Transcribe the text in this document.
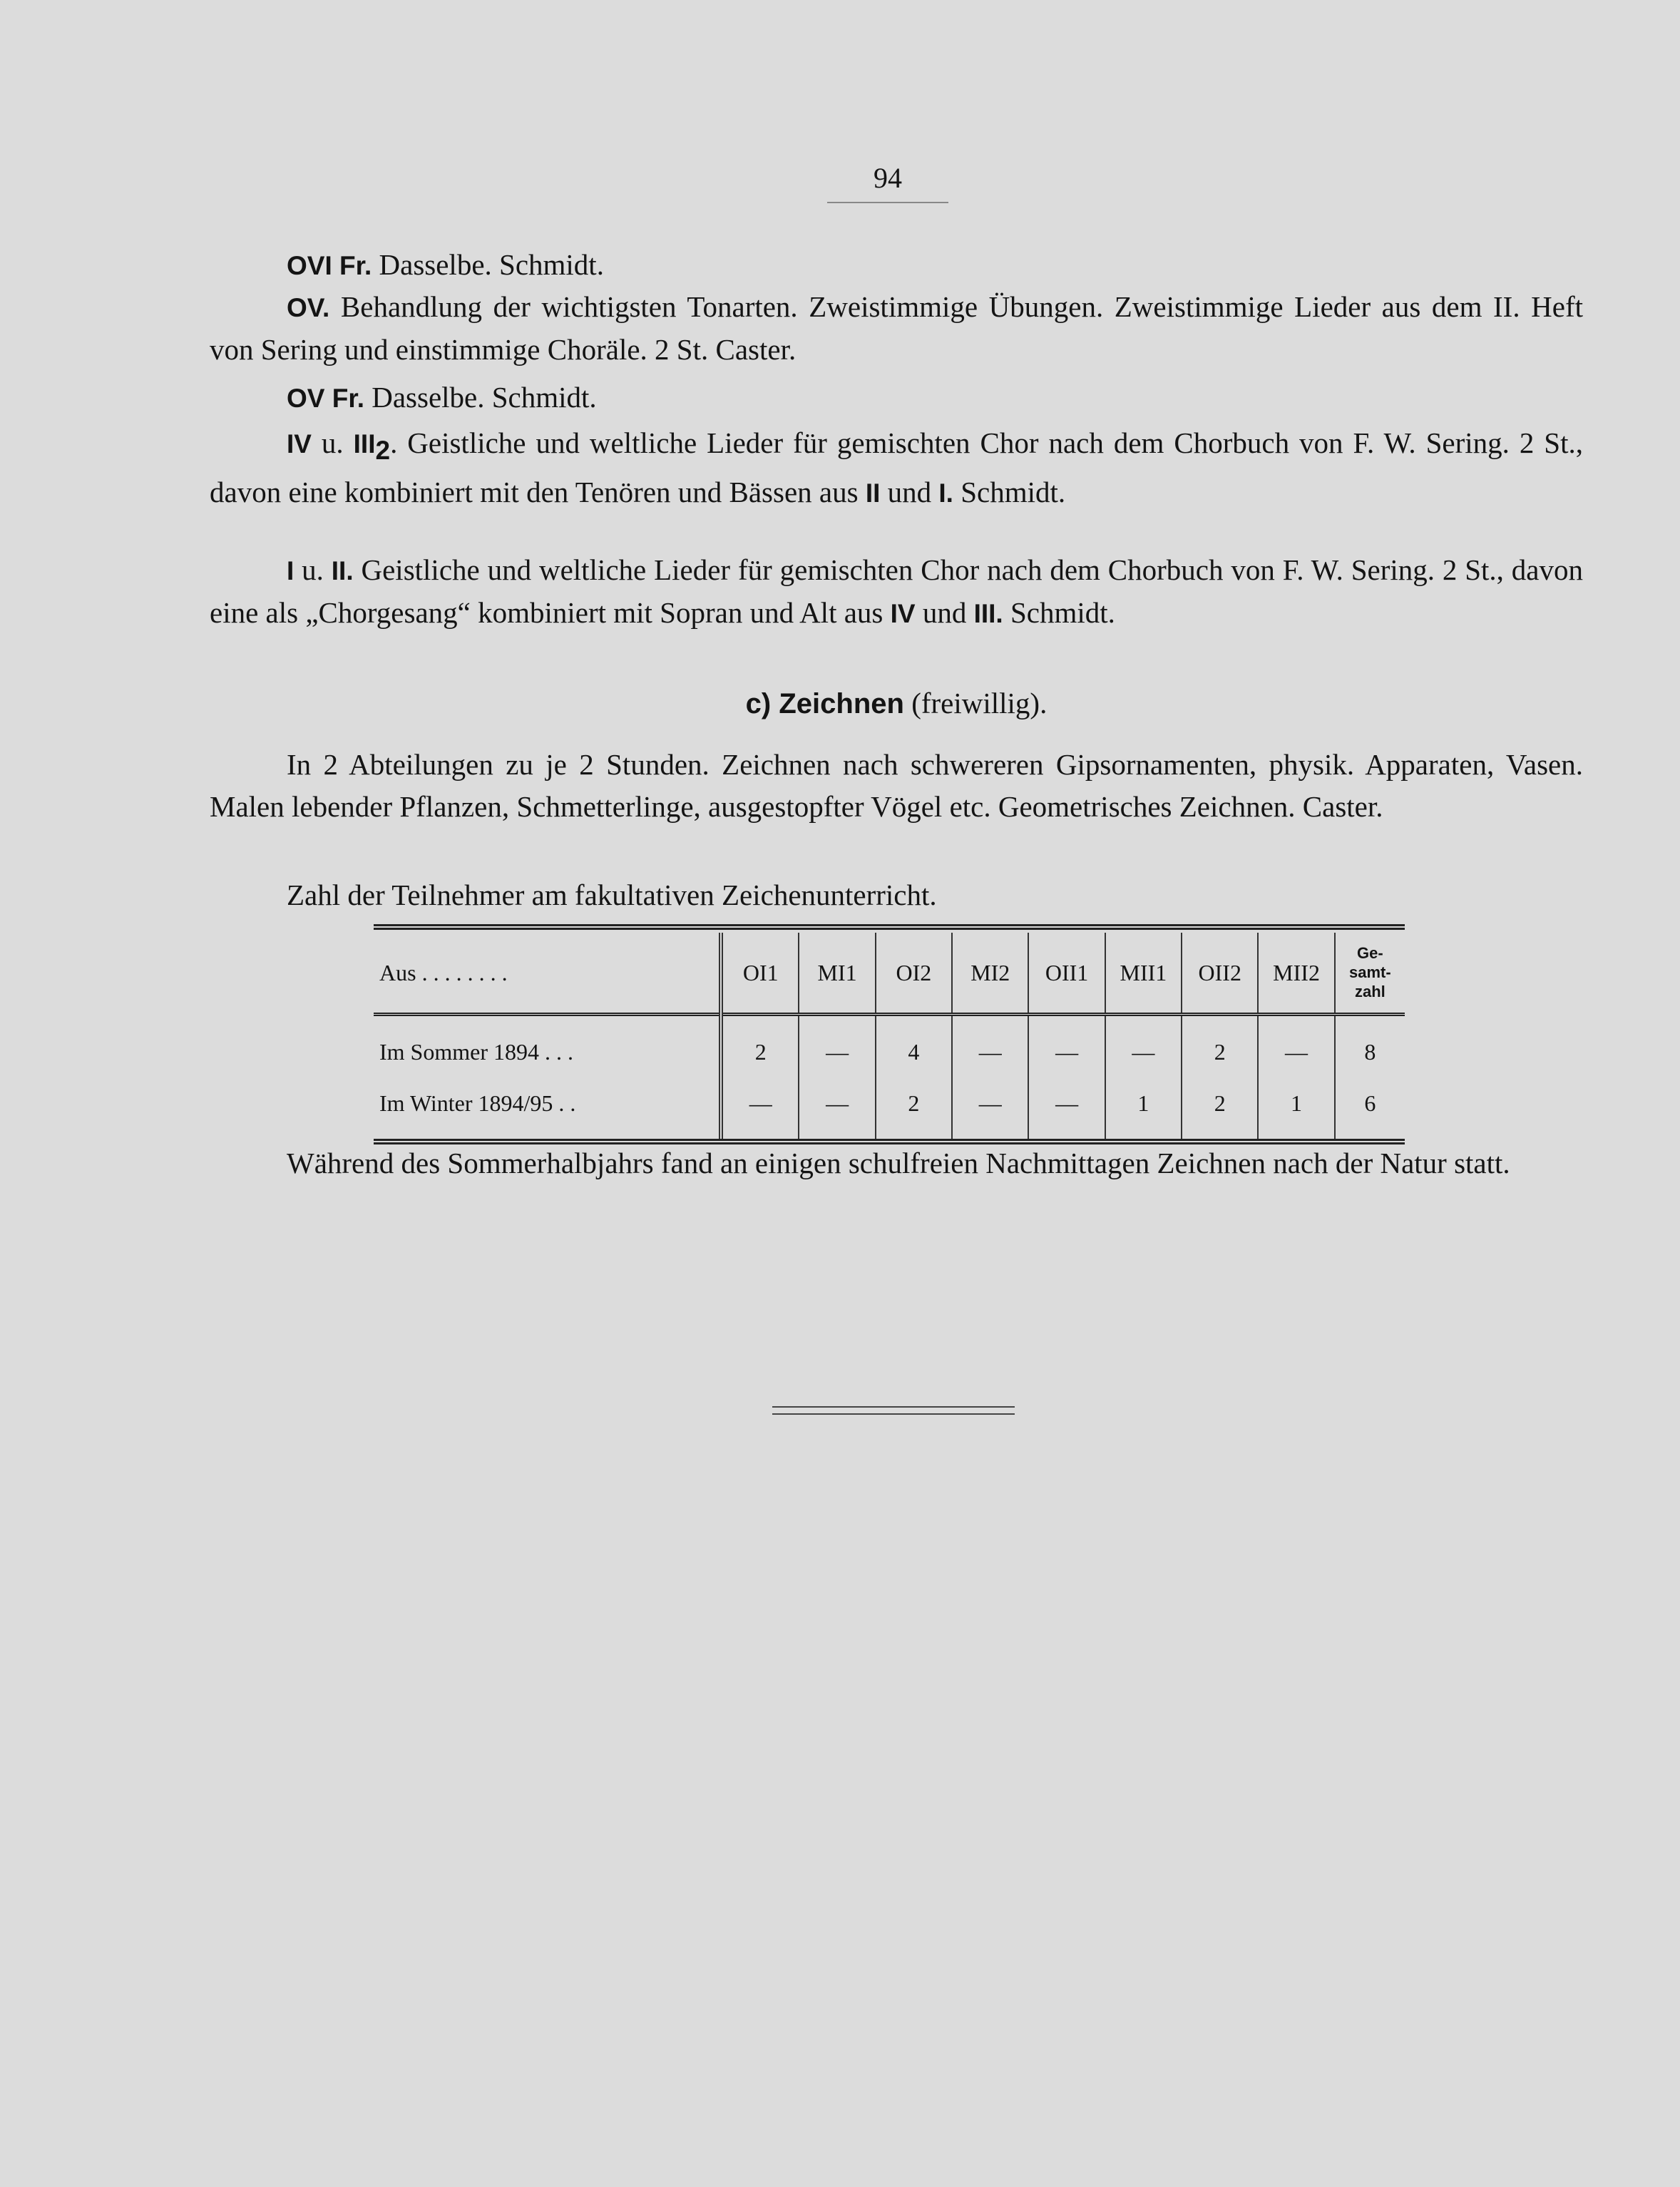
94
OVI Fr. Dasselbe. Schmidt.
OV. Behandlung der wichtigsten Tonarten. Zweistimmige Übungen. Zweistimmige Lieder aus dem II. Heft von Sering und einstimmige Choräle. 2 St. Caster.
OV Fr. Dasselbe. Schmidt.
IV u. $III_2$. Geistliche und weltliche Lieder für gemischten Chor nach dem Chorbuch von F. W. Sering. 2 St., davon eine kombiniert mit den Tenören und Bässen aus II und I. Schmidt.
I u. II. Geistliche und weltliche Lieder für gemischten Chor nach dem Chorbuch von F. W. Sering. 2 St., davon eine als „Chorgesang“ kombiniert mit Sopran und Alt aus IV und III. Schmidt.
c) Zeichnen (freiwillig).
In 2 Abteilungen zu je 2 Stunden. Zeichnen nach schwereren Gipsornamenten, physik. Apparaten, Vasen. Malen lebender Pflanzen, Schmetterlinge, ausgestopfter Vögel etc. Geometrisches Zeichnen. Caster.
Zahl der Teilnehmer am fakultativen Zeichenunterricht.
Aus . . . . . . . .	OI1	MI1	OI2	MI2	OII1	MII1	OII2	MII2	Ge-
samt-
zahl
Im Sommer 1894 . . .	2	—	4	—	—	—	2	—	8
Im Winter 1894/95 . .	—	—	2	—	—	1	2	1	6
Während des Sommerhalbjahrs fand an einigen schulfreien Nachmittagen Zeichnen nach der Natur statt.
